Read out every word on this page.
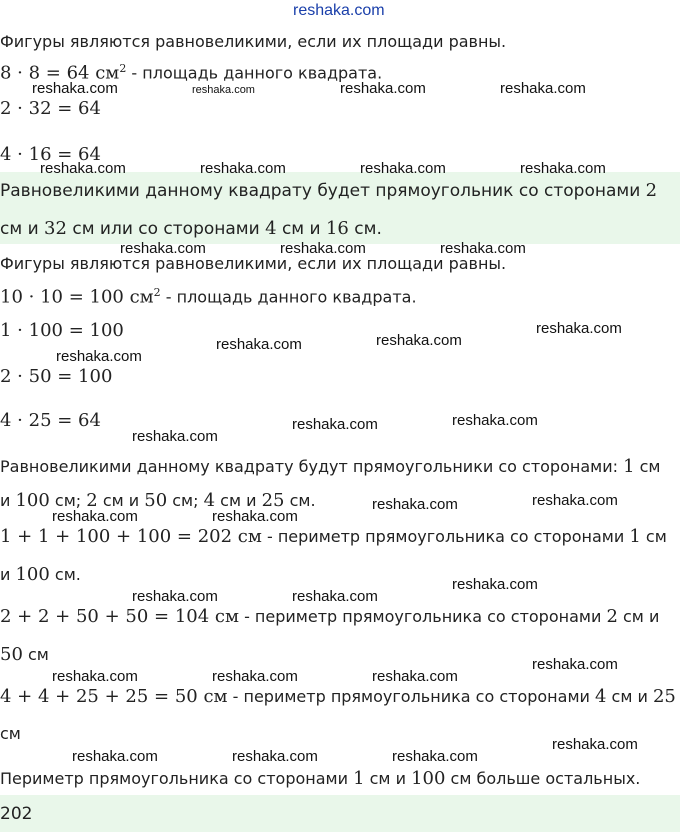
reshaka.com
Фигуры являются равновеликими, если их площади равны.
8 · 8 = 64 $см^2$ - площадь данного квадрата.
2 · 32 = 64
4 · 16 = 64
Равновеликими данному квадрату будет прямоугольник со сторонами 2
см и 32 см или со сторонами 4 см и 16 см.
Фигуры являются равновеликими, если их площади равны.
10 · 10 = 100 $см^2$ - площадь данного квадрата.
1 · 100 = 100
2 · 50 = 100
4 · 25 = 64
Равновеликими данному квадрату будут прямоугольники со сторонами: 1 см
и 100 см; 2 см и 50 см; 4 см и 25 см.
1 + 1 + 100 + 100 = 202 см - периметр прямоугольника со сторонами 1 см
и 100 см.
2 + 2 + 50 + 50 = 104 см - периметр прямоугольника со сторонами 2 см и
50 см
4 + 4 + 25 + 25 = 50 см - периметр прямоугольника со сторонами 4 см и 25
см
Периметр прямоугольника со сторонами 1 см и 100 см больше остальных.
202
reshaka.com	reshaka.com	reshaka.com	reshaka.com
reshaka.com	reshaka.com	reshaka.com	reshaka.com
reshaka.com	reshaka.com	reshaka.com
reshaka.com
reshaka.com
reshaka.com
reshaka.com
reshaka.com
reshaka.com
reshaka.com
reshaka.com
reshaka.com
reshaka.com
reshaka.com
reshaka.com
reshaka.com
reshaka.com
reshaka.com
reshaka.com
reshaka.com
reshaka.com
reshaka.com
reshaka.com
reshaka.com
reshaka.com
